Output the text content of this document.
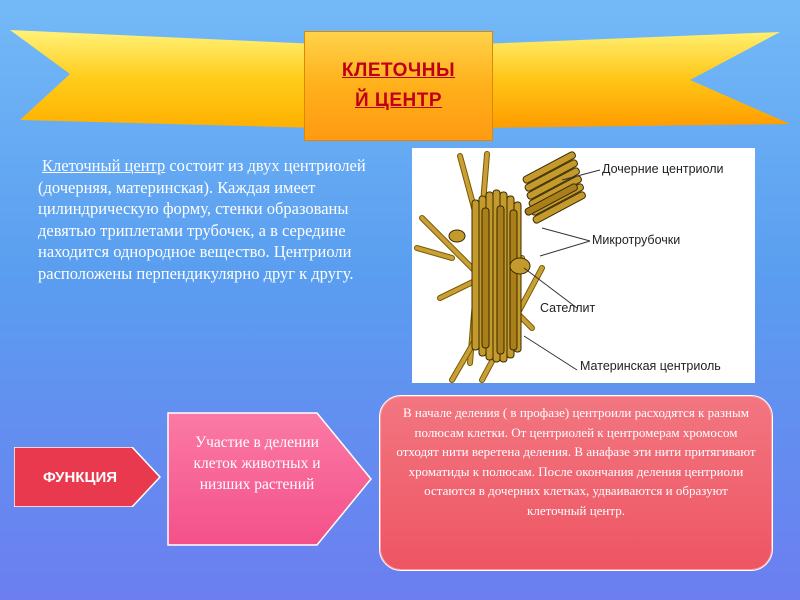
КЛЕТОЧНЫ
Й ЦЕНТР

Клеточный центр состоит из двух центриолей (дочерняя, материнская). Каждая имеет цилиндрическую форму, стенки образованы девятью триплетами трубочек, а в середине находится однородное вещество. Центриоли расположены перпендикулярно друг к другу.

Дочерние центриоли
Микротрубочки
Сателлит
Материнская центриоль
ФУНКЦИЯ

Участие в делении клеток животных и низших растений

В начале деления ( в профазе) центроили расходятся к разным полюсам клетки. От центриолей к центромерам хромосом отходят нити веретена деления. В анафазе эти нити притягивают хроматиды к полюсам. После окончания деления центриоли остаются в дочерних клетках, удваиваются и образуют клеточный центр.
